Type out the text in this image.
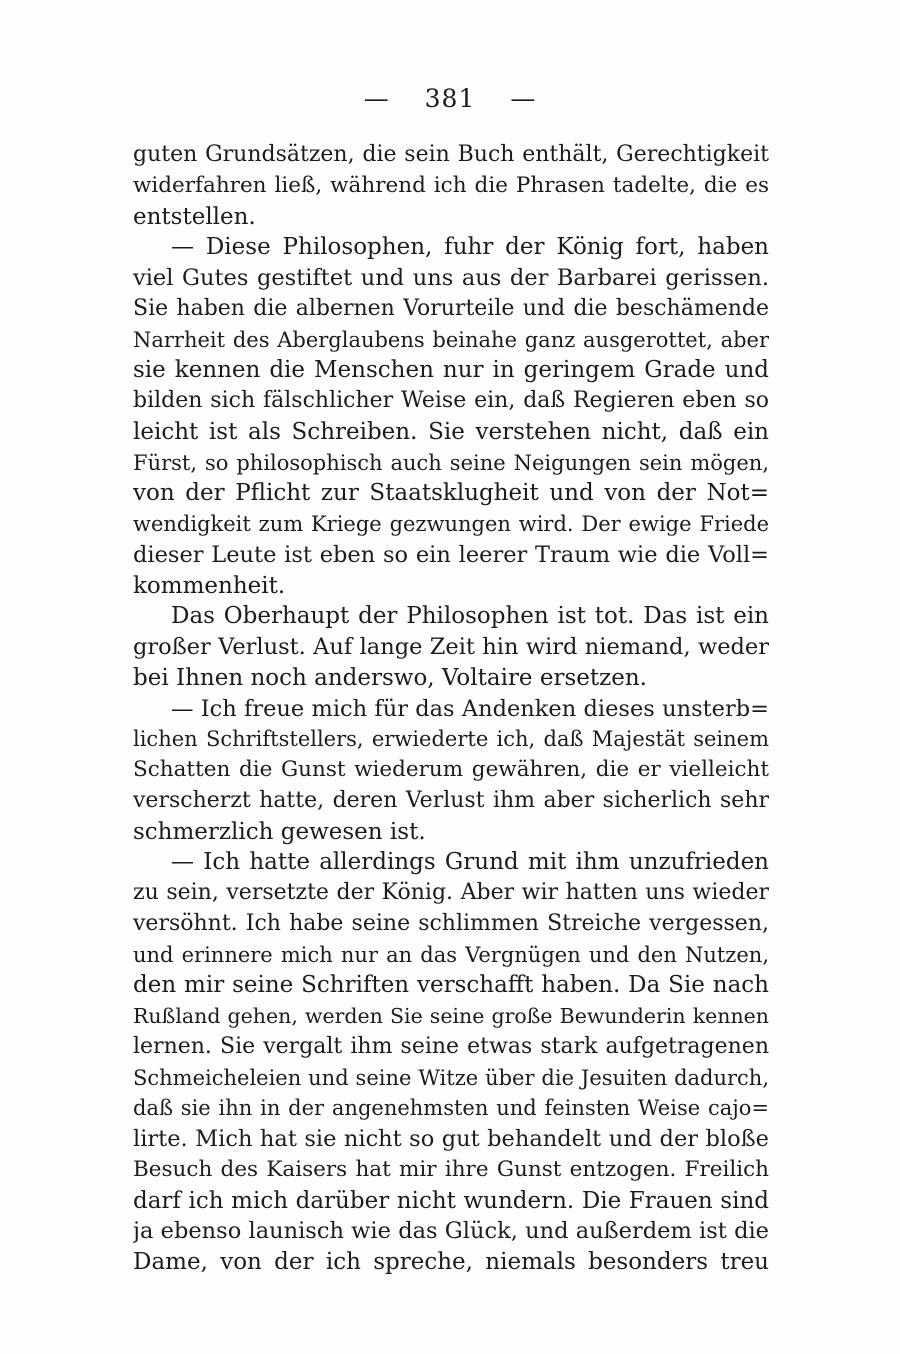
— 381 —
guten Grundsätzen, die sein Buch enthält, Gerechtigkeit
widerfahren ließ, während ich die Phrasen tadelte, die es
entstellen.
— Diese Philosophen, fuhr der König fort, haben
viel Gutes gestiftet und uns aus der Barbarei gerissen.
Sie haben die albernen Vorurteile und die beschämende
Narrheit des Aberglaubens beinahe ganz ausgerottet, aber
sie kennen die Menschen nur in geringem Grade und
bilden sich fälschlicher Weise ein, daß Regieren eben so
leicht ist als Schreiben. Sie verstehen nicht, daß ein
Fürst, so philosophisch auch seine Neigungen sein mögen,
von der Pflicht zur Staatsklugheit und von der Not=
wendigkeit zum Kriege gezwungen wird. Der ewige Friede
dieser Leute ist eben so ein leerer Traum wie die Voll=
kommenheit.
Das Oberhaupt der Philosophen ist tot. Das ist ein
großer Verlust. Auf lange Zeit hin wird niemand, weder
bei Ihnen noch anderswo, Voltaire ersetzen.
— Ich freue mich für das Andenken dieses unsterb=
lichen Schriftstellers, erwiederte ich, daß Majestät seinem
Schatten die Gunst wiederum gewähren, die er vielleicht
verscherzt hatte, deren Verlust ihm aber sicherlich sehr
schmerzlich gewesen ist.
— Ich hatte allerdings Grund mit ihm unzufrieden
zu sein, versetzte der König. Aber wir hatten uns wieder
versöhnt. Ich habe seine schlimmen Streiche vergessen,
und erinnere mich nur an das Vergnügen und den Nutzen,
den mir seine Schriften verschafft haben. Da Sie nach
Rußland gehen, werden Sie seine große Bewunderin kennen
lernen. Sie vergalt ihm seine etwas stark aufgetragenen
Schmeicheleien und seine Witze über die Jesuiten dadurch,
daß sie ihn in der angenehmsten und feinsten Weise cajo=
lirte. Mich hat sie nicht so gut behandelt und der bloße
Besuch des Kaisers hat mir ihre Gunst entzogen. Freilich
darf ich mich darüber nicht wundern. Die Frauen sind
ja ebenso launisch wie das Glück, und außerdem ist die
Dame, von der ich spreche, niemals besonders treu
